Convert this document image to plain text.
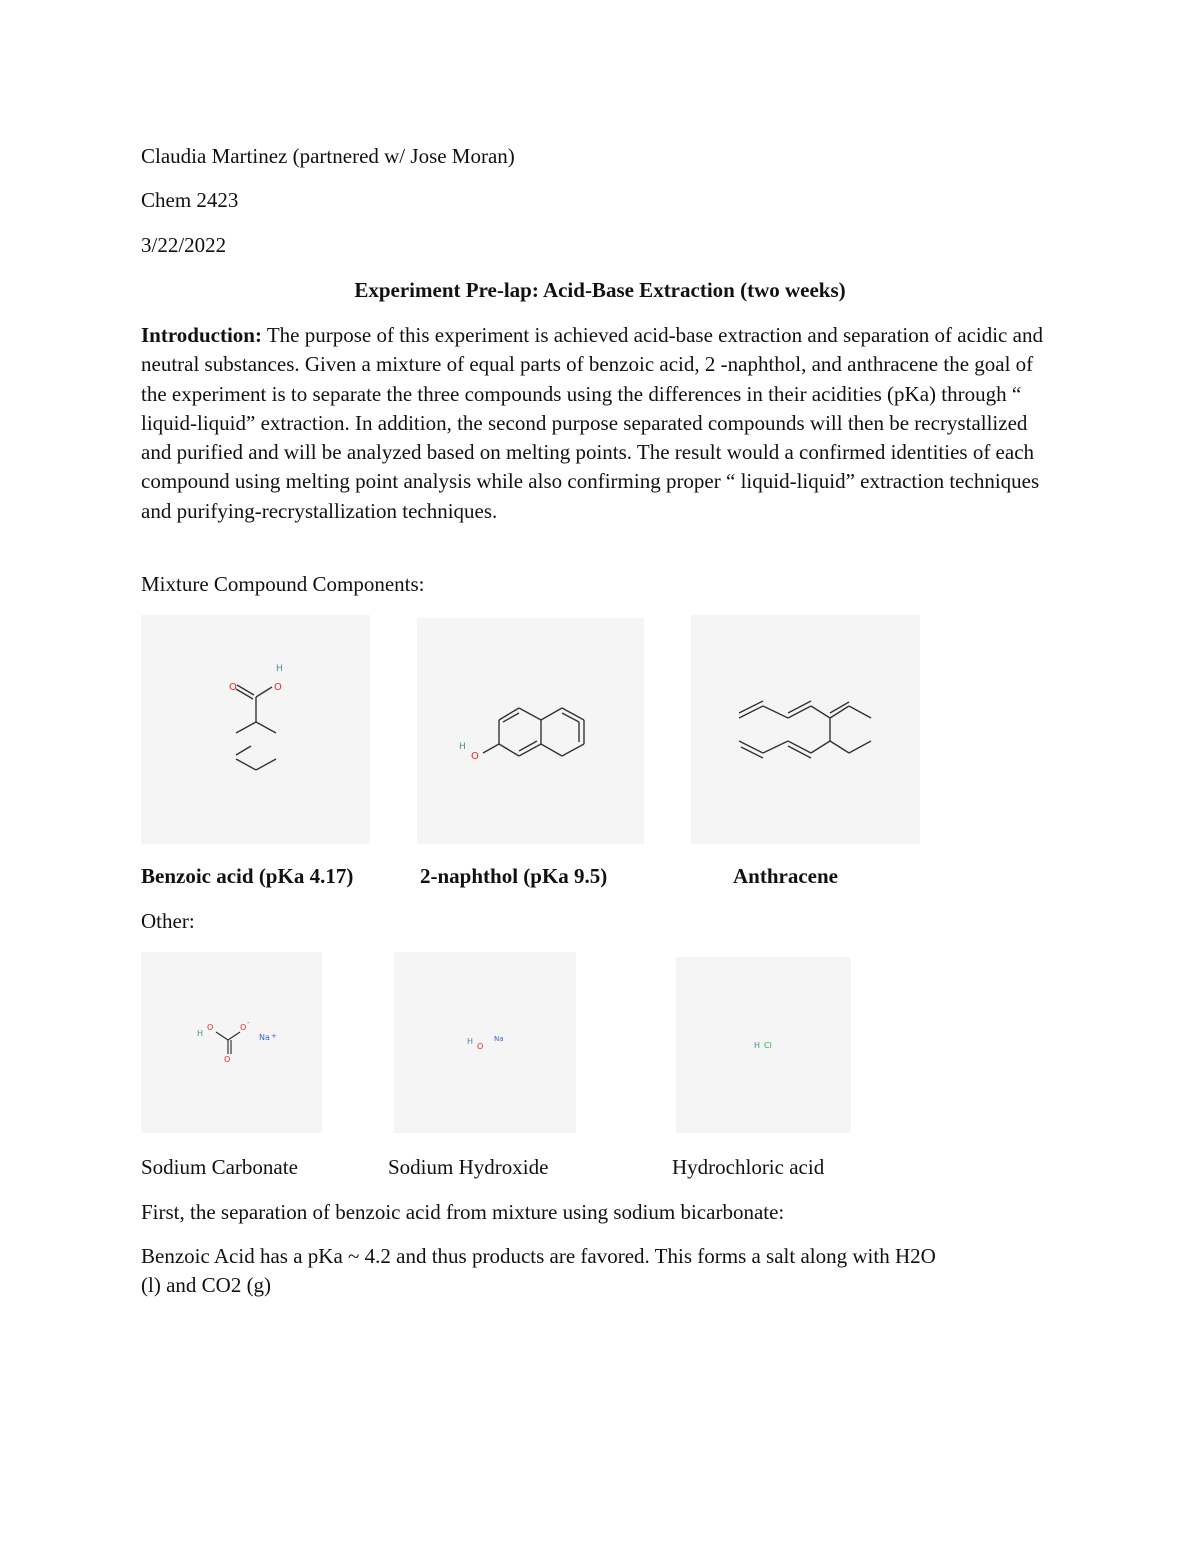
Claudia Martinez (partnered w/ Jose Moran)
Chem 2423
3/22/2022
Experiment Pre-lap: Acid-Base Extraction (two weeks)
Introduction: The purpose of this experiment is achieved acid-base extraction and separation of acidic and neutral substances. Given a mixture of equal parts of benzoic acid, 2 -naphthol, and anthracene the goal of the experiment is to separate the three compounds using the differences in their acidities (pKa) through “ liquid-liquid” extraction. In addition, the second purpose separated compounds will then be recrystallized and purified and will be analyzed based on melting points. The result would a confirmed identities of each compound using melting point analysis while also confirming proper “ liquid-liquid” extraction techniques and purifying-recrystallization techniques.
Mixture Compound Components:
O	O
H
H
O
Benzoic acid (pKa 4.17)	2-naphthol (pKa 9.5)	Anthracene
Other:
H
O	O -
Na +
O
H
O
Na
H Cl
Sodium Carbonate	Sodium Hydroxide	Hydrochloric acid
First, the separation of benzoic acid from mixture using sodium bicarbonate:
Benzoic Acid has a pKa ~ 4.2 and thus products are favored. This forms a salt along with H2O
(l) and CO2 (g)
